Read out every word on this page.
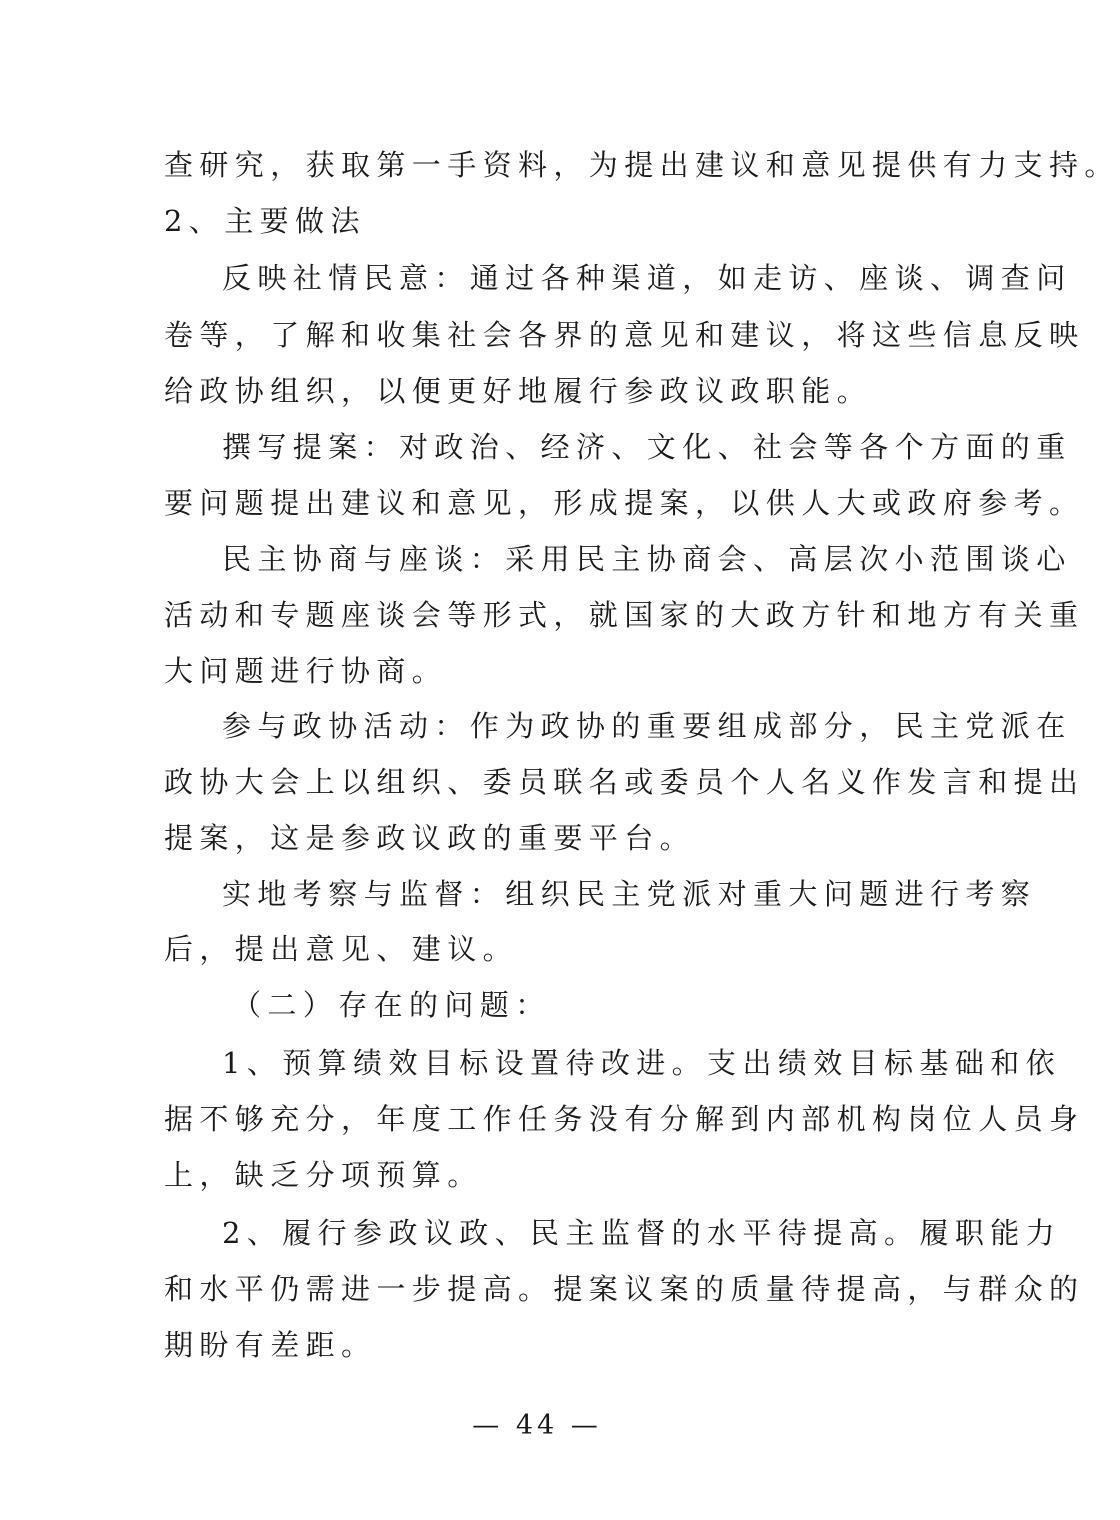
查研究，获取第一手资料，为提出建议和意见提供有力支持。
2、主要做法
反映社情民意：通过各种渠道，如走访、座谈、调查问
卷等，了解和收集社会各界的意见和建议，将这些信息反映
给政协组织，以便更好地履行参政议政职能。
撰写提案：对政治、经济、文化、社会等各个方面的重
要问题提出建议和意见，形成提案，以供人大或政府参考。
民主协商与座谈：采用民主协商会、高层次小范围谈心
活动和专题座谈会等形式，就国家的大政方针和地方有关重
大问题进行协商。
参与政协活动：作为政协的重要组成部分，民主党派在
政协大会上以组织、委员联名或委员个人名义作发言和提出
提案，这是参政议政的重要平台。
实地考察与监督：组织民主党派对重大问题进行考察
后，提出意见、建议。
（二）存在的问题：
1、预算绩效目标设置待改进。支出绩效目标基础和依
据不够充分，年度工作任务没有分解到内部机构岗位人员身
上，缺乏分项预算。
2、履行参政议政、民主监督的水平待提高。履职能力
和水平仍需进一步提高。提案议案的质量待提高，与群众的
期盼有差距。
— 44 —
